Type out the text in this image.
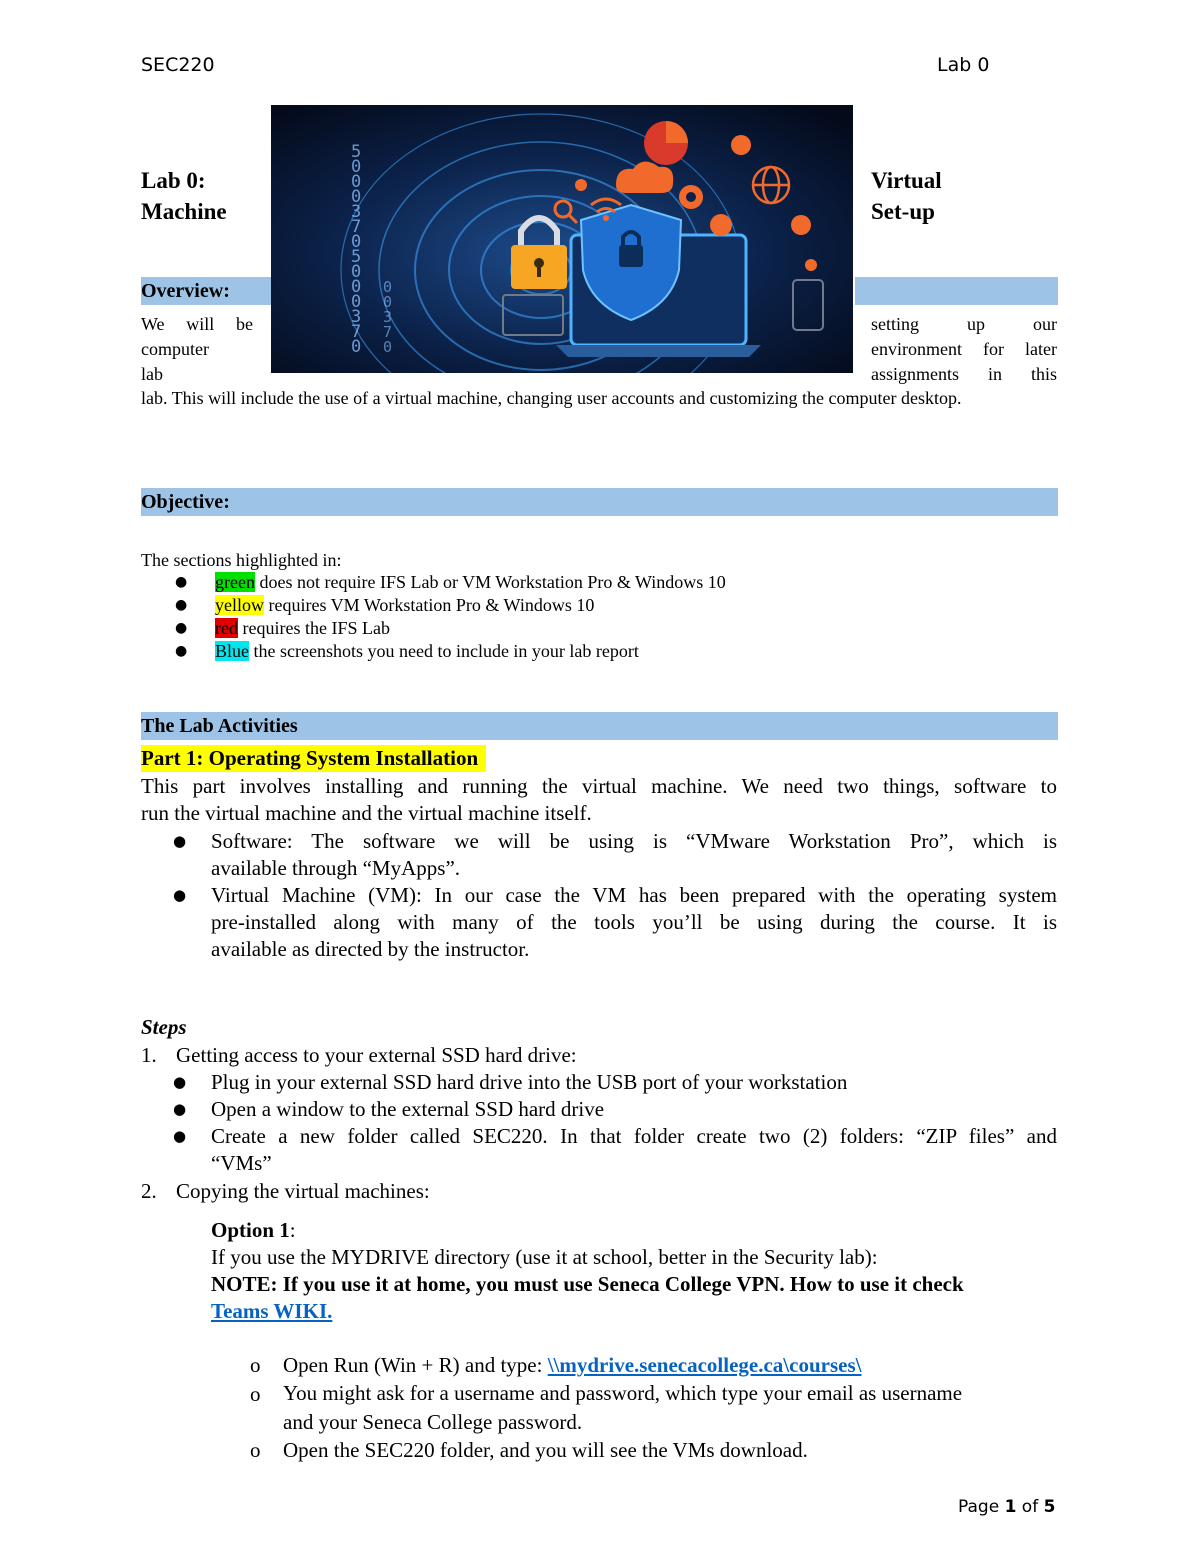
SEC220	Lab 0
5
0
0
0
3
7
0
5
0
0
0
3
7
0
0
0
3
7
0
Lab 0:
Machine
Virtual
Set-up
Overview:
We will be
computer
lab
setting up our
environment for later
assignments in this
lab. This will include the use of a virtual machine, changing user accounts and customizing the computer desktop.
Objective:
The sections highlighted in:
● green does not require IFS Lab or VM Workstation Pro & Windows 10
● yellow requires VM Workstation Pro & Windows 10
● red requires the IFS Lab
● Blue the screenshots you need to include in your lab report
The Lab Activities
Part 1: Operating System Installation
This part involves installing and running the virtual machine. We need two things, software to
run the virtual machine and the virtual machine itself.
● Software: The software we will be using is “VMware Workstation Pro”, which is
available through “MyApps”.
● Virtual Machine (VM): In our case the VM has been prepared with the operating system
pre-installed along with many of the tools you’ll be using during the course. It is
available as directed by the instructor.
Steps
1. Getting access to your external SSD hard drive:
● Plug in your external SSD hard drive into the USB port of your workstation
● Open a window to the external SSD hard drive
● Create a new folder called SEC220. In that folder create two (2) folders: “ZIP files” and
“VMs”
2. Copying the virtual machines:
Option 1:
If you use the MYDRIVE directory (use it at school, better in the Security lab):
NOTE: If you use it at home, you must use Seneca College VPN. How to use it check
Teams WIKI.
o Open Run (Win + R) and type: \\mydrive.senecacollege.ca\courses\
o You might ask for a username and password, which type your email as username
and your Seneca College password.
o Open the SEC220 folder, and you will see the VMs download.
Page 1 of 5
